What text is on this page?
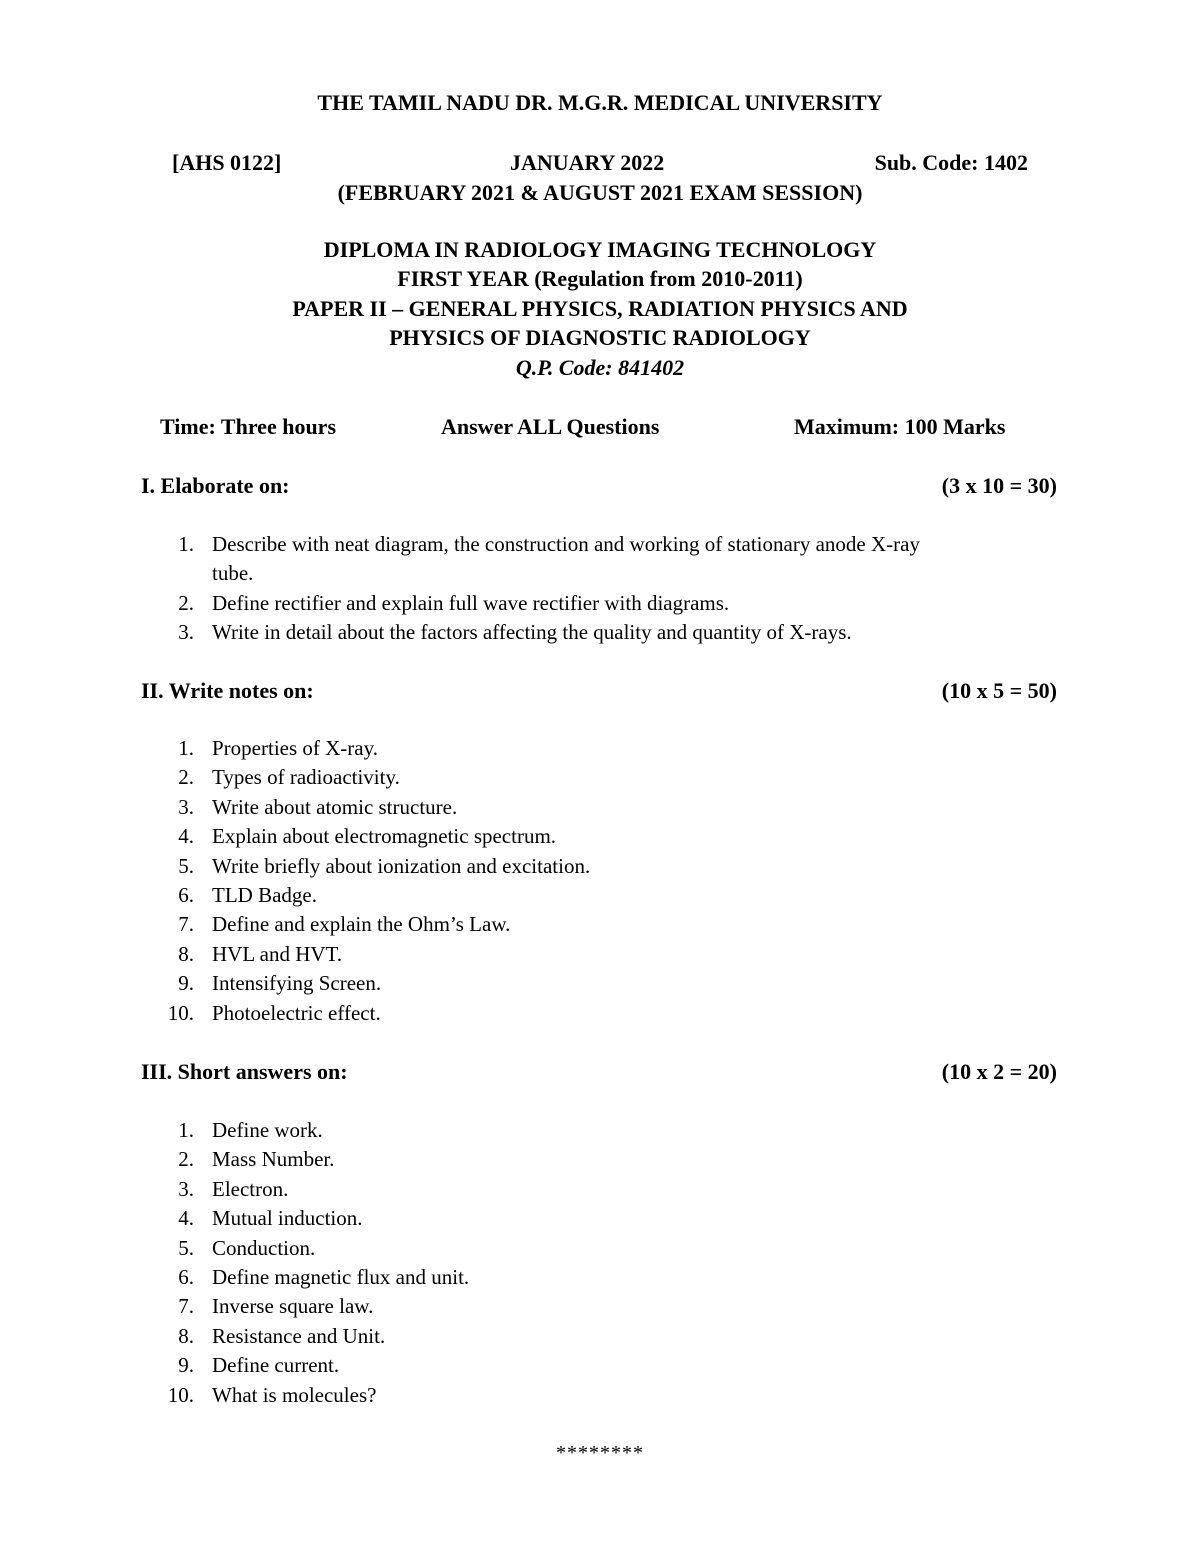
THE TAMIL NADU DR. M.G.R. MEDICAL UNIVERSITY
[AHS 0122]	JANUARY 2022	Sub. Code: 1402
(FEBRUARY 2021 & AUGUST 2021 EXAM SESSION)
DIPLOMA IN RADIOLOGY IMAGING TECHNOLOGY
FIRST YEAR (Regulation from 2010-2011)
PAPER II – GENERAL PHYSICS, RADIATION PHYSICS AND
PHYSICS OF DIAGNOSTIC RADIOLOGY
Q.P. Code: 841402
Time: Three hours	Answer ALL Questions	Maximum: 100 Marks
I. Elaborate on:	(3 x 10 = 30)
1. Describe with neat diagram, the construction and working of stationary anode X-ray tube.
2. Define rectifier and explain full wave rectifier with diagrams.
3. Write in detail about the factors affecting the quality and quantity of X-rays.
II. Write notes on:	(10 x 5 = 50)
1. Properties of X-ray.
2. Types of radioactivity.
3. Write about atomic structure.
4. Explain about electromagnetic spectrum.
5. Write briefly about ionization and excitation.
6. TLD Badge.
7. Define and explain the Ohm’s Law.
8. HVL and HVT.
9. Intensifying Screen.
10. Photoelectric effect.
III. Short answers on:	(10 x 2 = 20)
1. Define work.
2. Mass Number.
3. Electron.
4. Mutual induction.
5. Conduction.
6. Define magnetic flux and unit.
7. Inverse square law.
8. Resistance and Unit.
9. Define current.
10. What is molecules?
********
